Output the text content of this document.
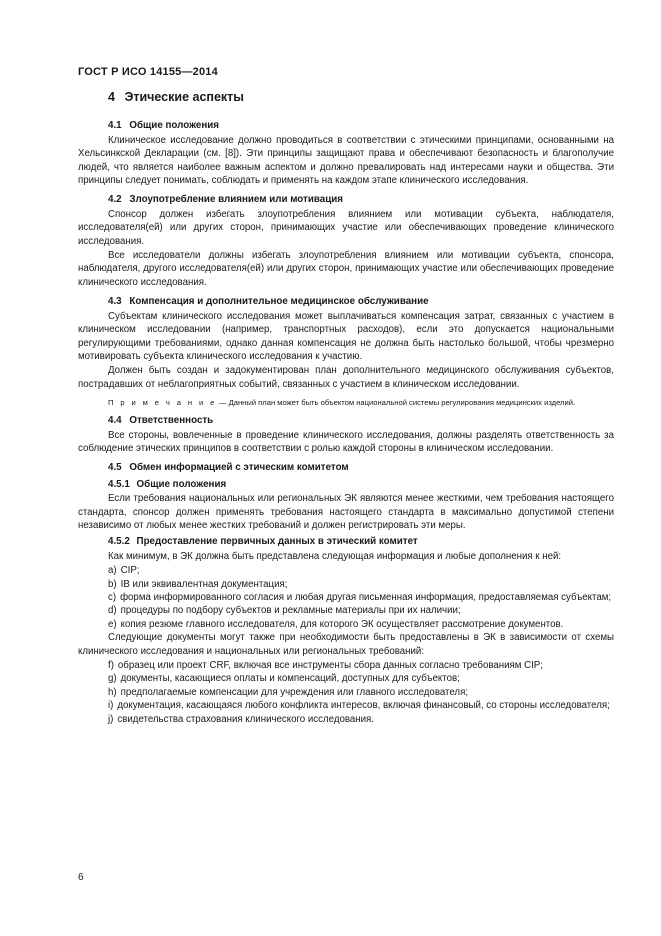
ГОСТ Р ИСО 14155—2014
4 Этические аспекты
4.1 Общие положения

Клиническое исследование должно проводиться в соответствии с этическими принципами, основанными на Хельсинкской Декларации (см. [8]). Эти принципы защищают права и обеспечивают безопасность и благополучие людей, что является наиболее важным аспектом и должно превалировать над интересами науки и общества. Эти принципы следует понимать, соблюдать и применять на каждом этапе клинического исследования.

4.2 Злоупотребление влиянием или мотивация

Спонсор должен избегать злоупотребления влиянием или мотивации субъекта, наблюдателя, исследователя(ей) или других сторон, принимающих участие или обеспечивающих проведение клинического исследования.

Все исследователи должны избегать злоупотребления влиянием или мотивации субъекта, спонсора, наблюдателя, другого исследователя(ей) или других сторон, принимающих участие или обеспечивающих проведение клинического исследования.

4.3 Компенсация и дополнительное медицинское обслуживание

Субъектам клинического исследования может выплачиваться компенсация затрат, связанных с участием в клиническом исследовании (например, транспортных расходов), если это допускается национальными регулирующими требованиями, однако данная компенсация не должна быть настолько большой, чтобы чрезмерно мотивировать субъекта клинического исследования к участию.

Должен быть создан и задокументирован план дополнительного медицинского обслуживания субъектов, пострадавших от неблагоприятных событий, связанных с участием в клиническом исследовании.

П р и м е ч а н и е — Данный план может быть объектом национальной системы регулирования медицинских изделий.
4.4 Ответственность

Все стороны, вовлеченные в проведение клинического исследования, должны разделять ответственность за соблюдение этических принципов в соответствии с ролью каждой стороны в клиническом исследовании.

4.5 Обмен информацией с этическим комитетом
4.5.1 Общие положения

Если требования национальных или региональных ЭК являются менее жесткими, чем требования настоящего стандарта, спонсор должен применять требования настоящего стандарта в максимально допустимой степени независимо от любых менее жестких требований и должен регистрировать эти меры.

4.5.2 Предоставление первичных данных в этический комитет

Как минимум, в ЭК должна быть представлена следующая информация и любые дополнения к ней:

a) CIP;
b) IB или эквивалентная документация;
c) форма информированного согласия и любая другая письменная информация, предоставляемая субъектам;
d) процедуры по подбору субъектов и рекламные материалы при их наличии;
e) копия резюме главного исследователя, для которого ЭК осуществляет рассмотрение документов.

Следующие документы могут также при необходимости быть предоставлены в ЭК в зависимости от схемы клинического исследования и национальных или региональных требований:

f) образец или проект CRF, включая все инструменты сбора данных согласно требованиям CIP;
g) документы, касающиеся оплаты и компенсаций, доступных для субъектов;
h) предполагаемые компенсации для учреждения или главного исследователя;
i) документация, касающаяся любого конфликта интересов, включая финансовый, со стороны исследователя;
j) свидетельства страхования клинического исследования.
6
